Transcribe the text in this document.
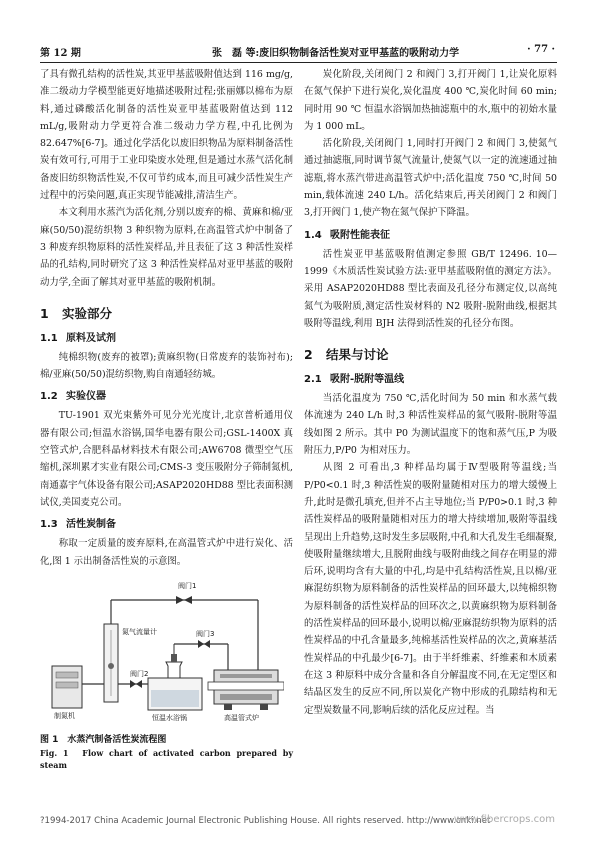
第 12 期	张　磊 等:废旧织物制备活性炭对亚甲基蓝的吸附动力学	· 77 ·

了具有微孔结构的活性炭,其亚甲基蓝吸附值达到 116 mg/g,准二级动力学模型能更好地描述吸附过程;张丽娜以棉布为原料,通过磷酸活化制备的活性炭亚甲基蓝吸附值达到 112 mL/g,吸附动力学更符合准二级动力学方程,中孔比例为 82.647%[6-7]。通过化学活化以废旧织物品为原料制备活性炭有效可行,可用于工业印染废水处理,但是通过水蒸气活化制备废旧纺织物活性炭,不仅可节约成本,而且可减少活性炭生产过程中的污染问题,真正实现节能减排,清洁生产。

本文利用水蒸汽为活化剂,分别以废弃的棉、黄麻和棉/亚麻(50/50)混纺织物 3 种织物为原料,在高温管式炉中制备了 3 种废弃织物原料的活性炭样品,并且表征了这 3 种活性炭样品的孔结构,同时研究了这 3 种活性炭样品对亚甲基蓝的吸附动力学,全面了解其对亚甲基蓝的吸附机制。

1 实验部分
1.1 原料及试剂

纯棉织物(废弃的被罩);黄麻织物(日常废弃的装饰衬布);棉/亚麻(50/50)混纺织物,购自南通轻纺城。

1.2 实验仪器

TU-1901 双光束紫外可见分光光度计,北京普析通用仪器有限公司;恒温水浴锅,国华电器有限公司;GSL-1400X 真空管式炉,合肥科晶材料技术有限公司;AW6708 微型空气压缩机,深圳累才实业有限公司;CMS-3 变压吸附分子筛制氮机,南通嘉宇气体设备有限公司;ASAP2020HD88 型比表面积测试仪,美国麦克公司。

1.3 活性炭制备

称取一定质量的废弃原料,在高温管式炉中进行炭化、活化,图 1 示出制备活性炭的示意图。

阀门1
阀门2
阀门3
氮气流量计
制氮机	恒温水浴锅	高温管式炉

图 1　水蒸汽制备活性炭流程图

Fig. 1　Flow chart of activated carbon prepared by steam

炭化阶段,关闭阀门 2 和阀门 3,打开阀门 1,让炭化原料在氮气保护下进行炭化,炭化温度 400 ℃,炭化时间 60 min;同时用 90 ℃ 恒温水浴锅加热抽滤瓶中的水,瓶中的初始水量为 1 000 mL。

活化阶段,关闭阀门 1,同时打开阀门 2 和阀门 3,使氮气通过抽滤瓶,同时调节氮气流量计,使氮气以一定的流速通过抽滤瓶,将水蒸汽带进高温管式炉中;活化温度 750 ℃,时间 50 min,载体流速 240 L/h。活化结束后,再关闭阀门 2 和阀门 3,打开阀门 1,使产物在氮气保护下降温。

1.4 吸附性能表征

活性炭亚甲基蓝吸附值测定参照 GB/T 12496. 10—1999《木质活性炭试验方法:亚甲基蓝吸附值的测定方法》。采用 ASAP2020HD88 型比表面及孔径分布测定仪,以高纯氮气为吸附质,测定活性炭材料的 N2 吸附-脱附曲线,根据其吸附等温线,利用 BJH 法得到活性炭的孔径分布图。

2 结果与讨论
2.1 吸附-脱附等温线

当活化温度为 750 ℃,活化时间为 50 min 和水蒸气载体流速为 240 L/h 时,3 种活性炭样品的氮气吸附-脱附等温线如图 2 所示。其中 P0 为测试温度下的饱和蒸气压,P 为吸附压力,P/P0 为相对压力。

从图 2 可看出,3 种样品均属于Ⅳ型吸附等温线;当 P/P0<0.1 时,3 种活性炭的吸附量随相对压力的增大缓慢上升,此时是微孔填充,但并不占主导地位;当 P/P0>0.1 时,3 种活性炭样品的吸附量随相对压力的增大持续增加,吸附等温线呈现出上升趋势,这时发生多层吸附,中孔和大孔发生毛细凝聚,使吸附量继续增大,且脱附曲线与吸附曲线之间存在明显的滞后环,说明均含有大量的中孔,均是中孔结构活性炭,且以棉/亚麻混纺织物为原料制备的活性炭样品的回环最大,以纯棉织物为原料制备的活性炭样品的回环次之,以黄麻织物为原料制备的活性炭样品的回环最小,说明以棉/亚麻混纺织物为原料的活性炭样品的中孔含量最多,纯棉基活性炭样品的次之,黄麻基活性炭样品的中孔最少[6-7]。由于半纤维素、纤维素和木质素在这 3 种原料中成分含量和各自分解温度不同,在无定型区和结晶区发生的反应不同,所以炭化产物中形成的孔隙结构和无定型炭数量不同,影响后续的活化反应过程。当

?1994-2017 China Academic Journal Electronic Publishing House. All rights reserved. http://www.cnki.net
www.fibercrops.com
